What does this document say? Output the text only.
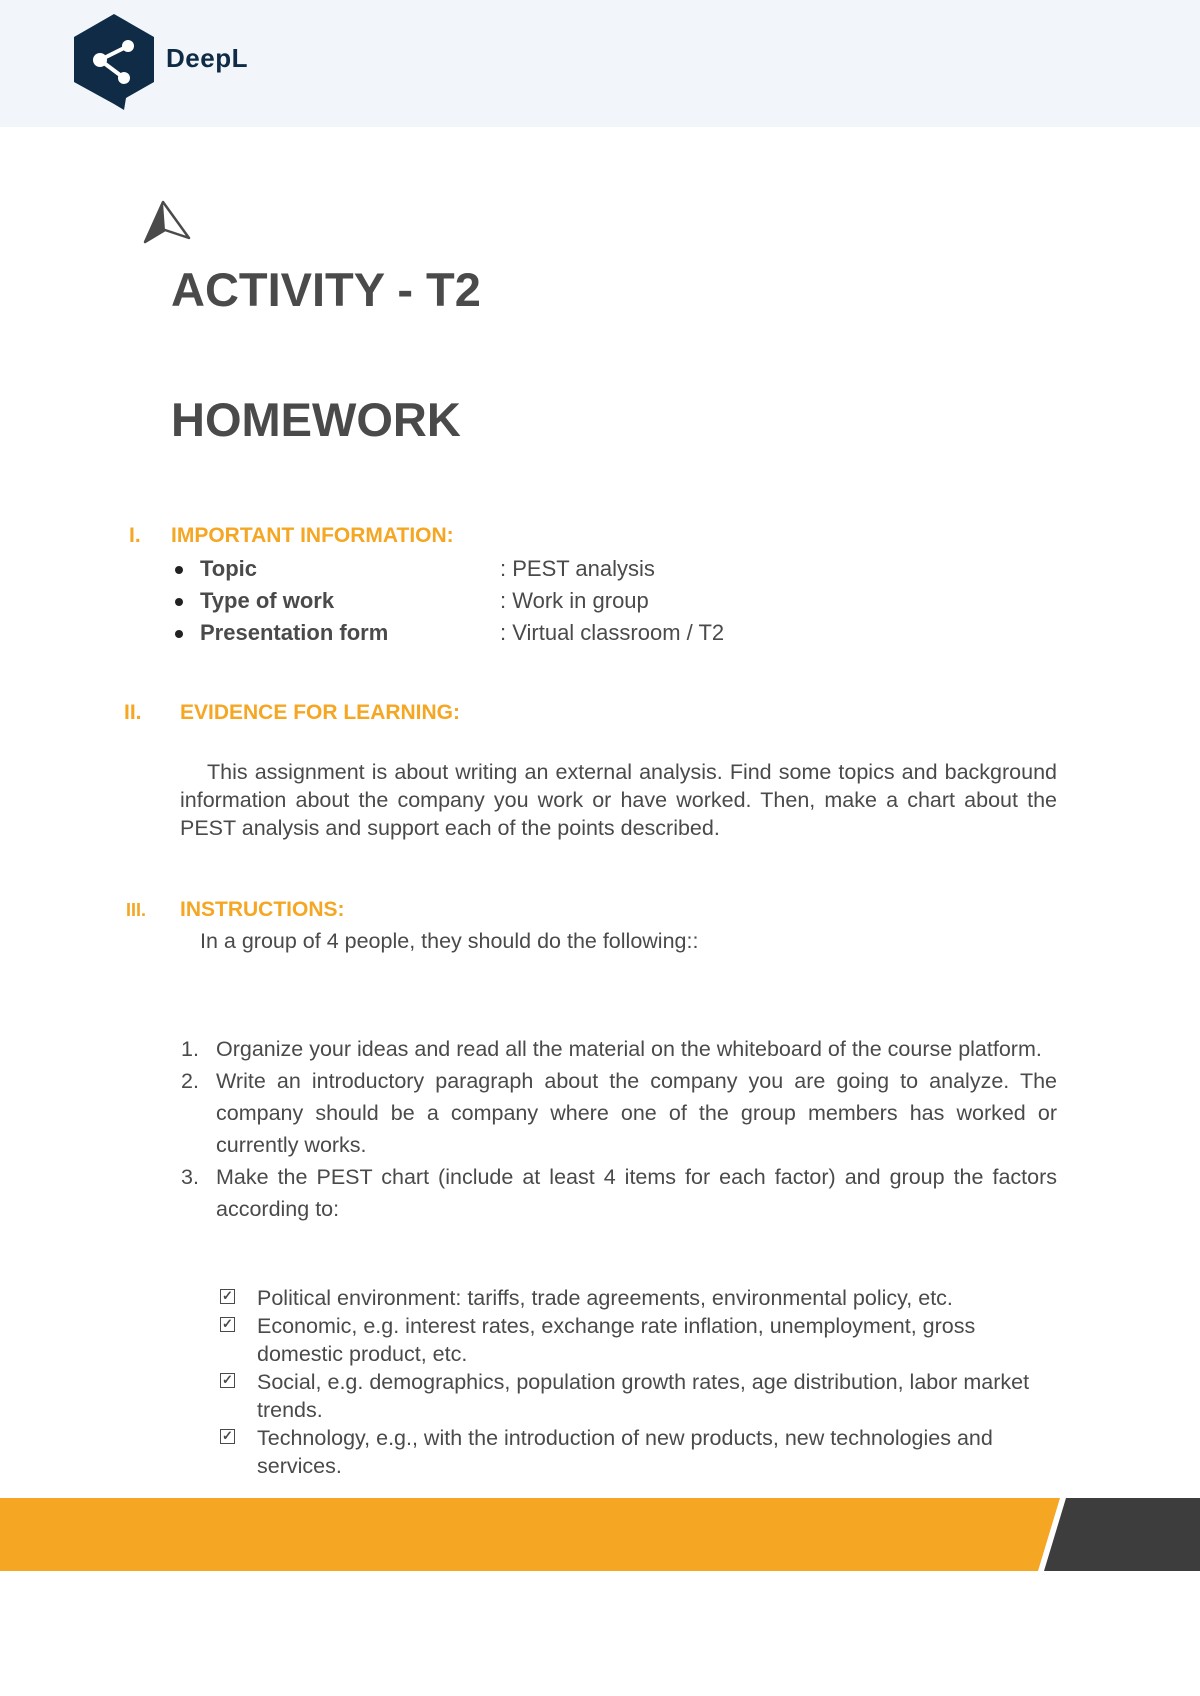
DeepL
ACTIVITY - T2
HOMEWORK
I. IMPORTANT INFORMATION:
Topic	: PEST analysis
Type of work	: Work in group
Presentation form	: Virtual classroom / T2
II. EVIDENCE FOR LEARNING:

This assignment is about writing an external analysis. Find some topics and background information about the company you work or have worked. Then, make a chart about the PEST analysis and support each of the points described.

III. INSTRUCTIONS:

In a group of 4 people, they should do the following::

1. Organize your ideas and read all the material on the whiteboard of the course platform.
2. Write an introductory paragraph about the company you are going to analyze. The company should be a company where one of the group members has worked or currently works.
3. Make the PEST chart (include at least 4 items for each factor) and group the factors according to:
✓ Political environment: tariffs, trade agreements, environmental policy, etc.
✓ Economic, e.g. interest rates, exchange rate inflation, unemployment, gross domestic product, etc.
✓ Social, e.g. demographics, population growth rates, age distribution, labor market trends.
✓ Technology, e.g., with the introduction of new products, new technologies and services.
